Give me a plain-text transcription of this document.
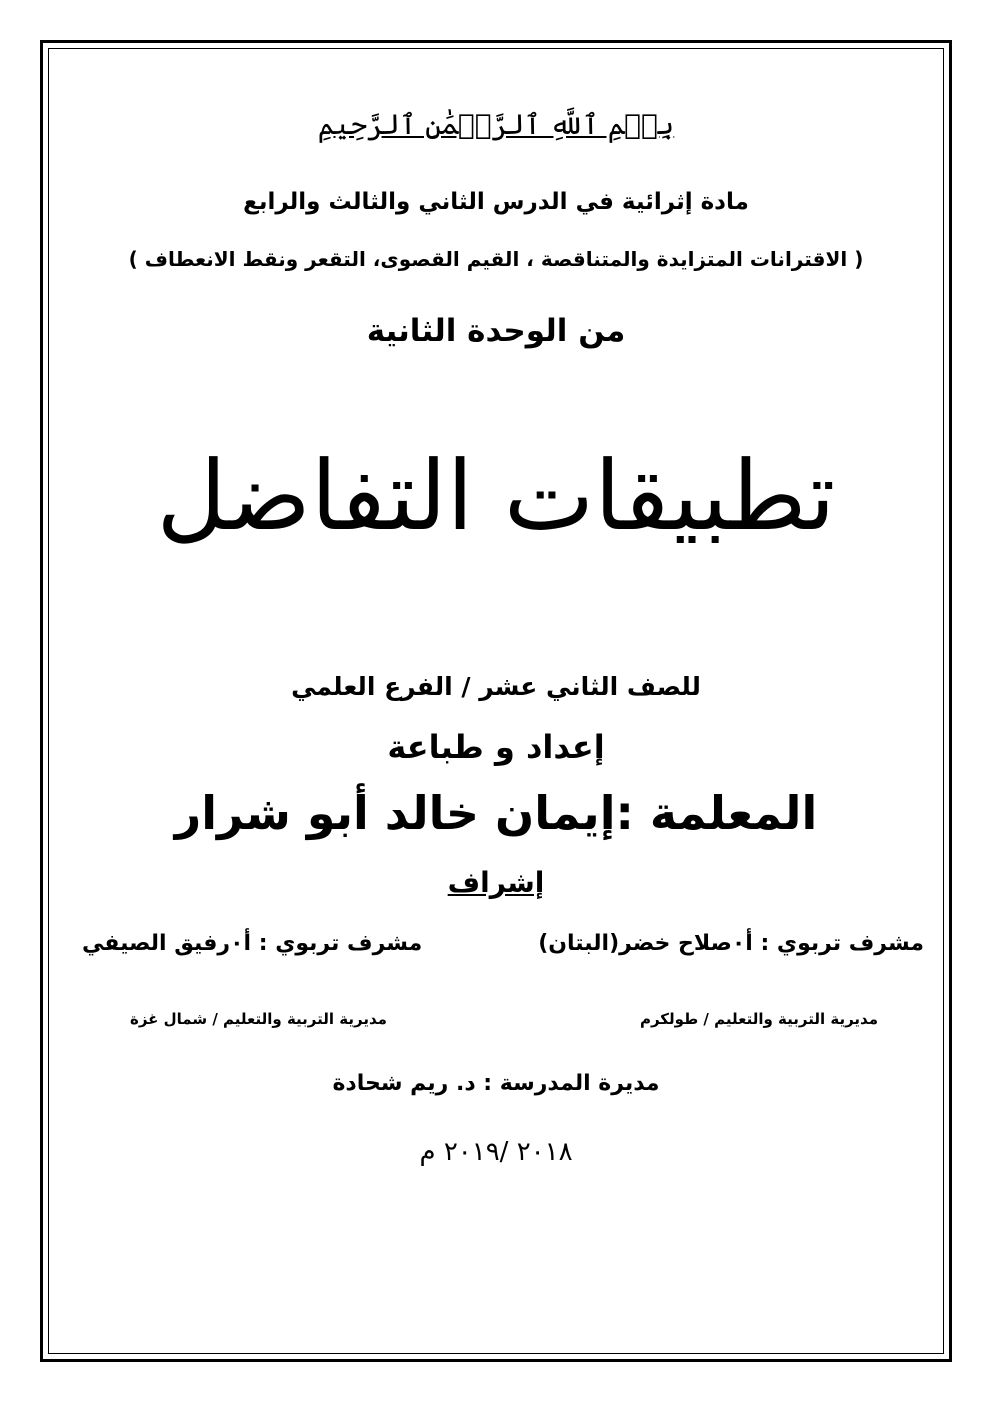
بِسۡمِ ٱللَّهِ ٱلرَّحۡمَٰنِ ٱلرَّحِيمِ
مادة إثرائية في الدرس الثاني والثالث والرابع
( الاقترانات المتزايدة والمتناقصة ، القيم القصوى، التقعر ونقط الانعطاف )
من الوحدة الثانية
تطبيقات التفاضل
للصف الثاني عشر / الفرع العلمي
إعداد و طباعة
المعلمة :إيمان خالد أبو شرار
إشراف
مشرف تربوي : أ٠صلاح خضر(البتان)
مشرف تربوي : أ٠رفيق الصيفي
مديرية التربية والتعليم / طولكرم
مديرية التربية والتعليم / شمال غزة
مديرة المدرسة : د. ريم شحادة
٢٠١٨ /٢٠١٩ م
